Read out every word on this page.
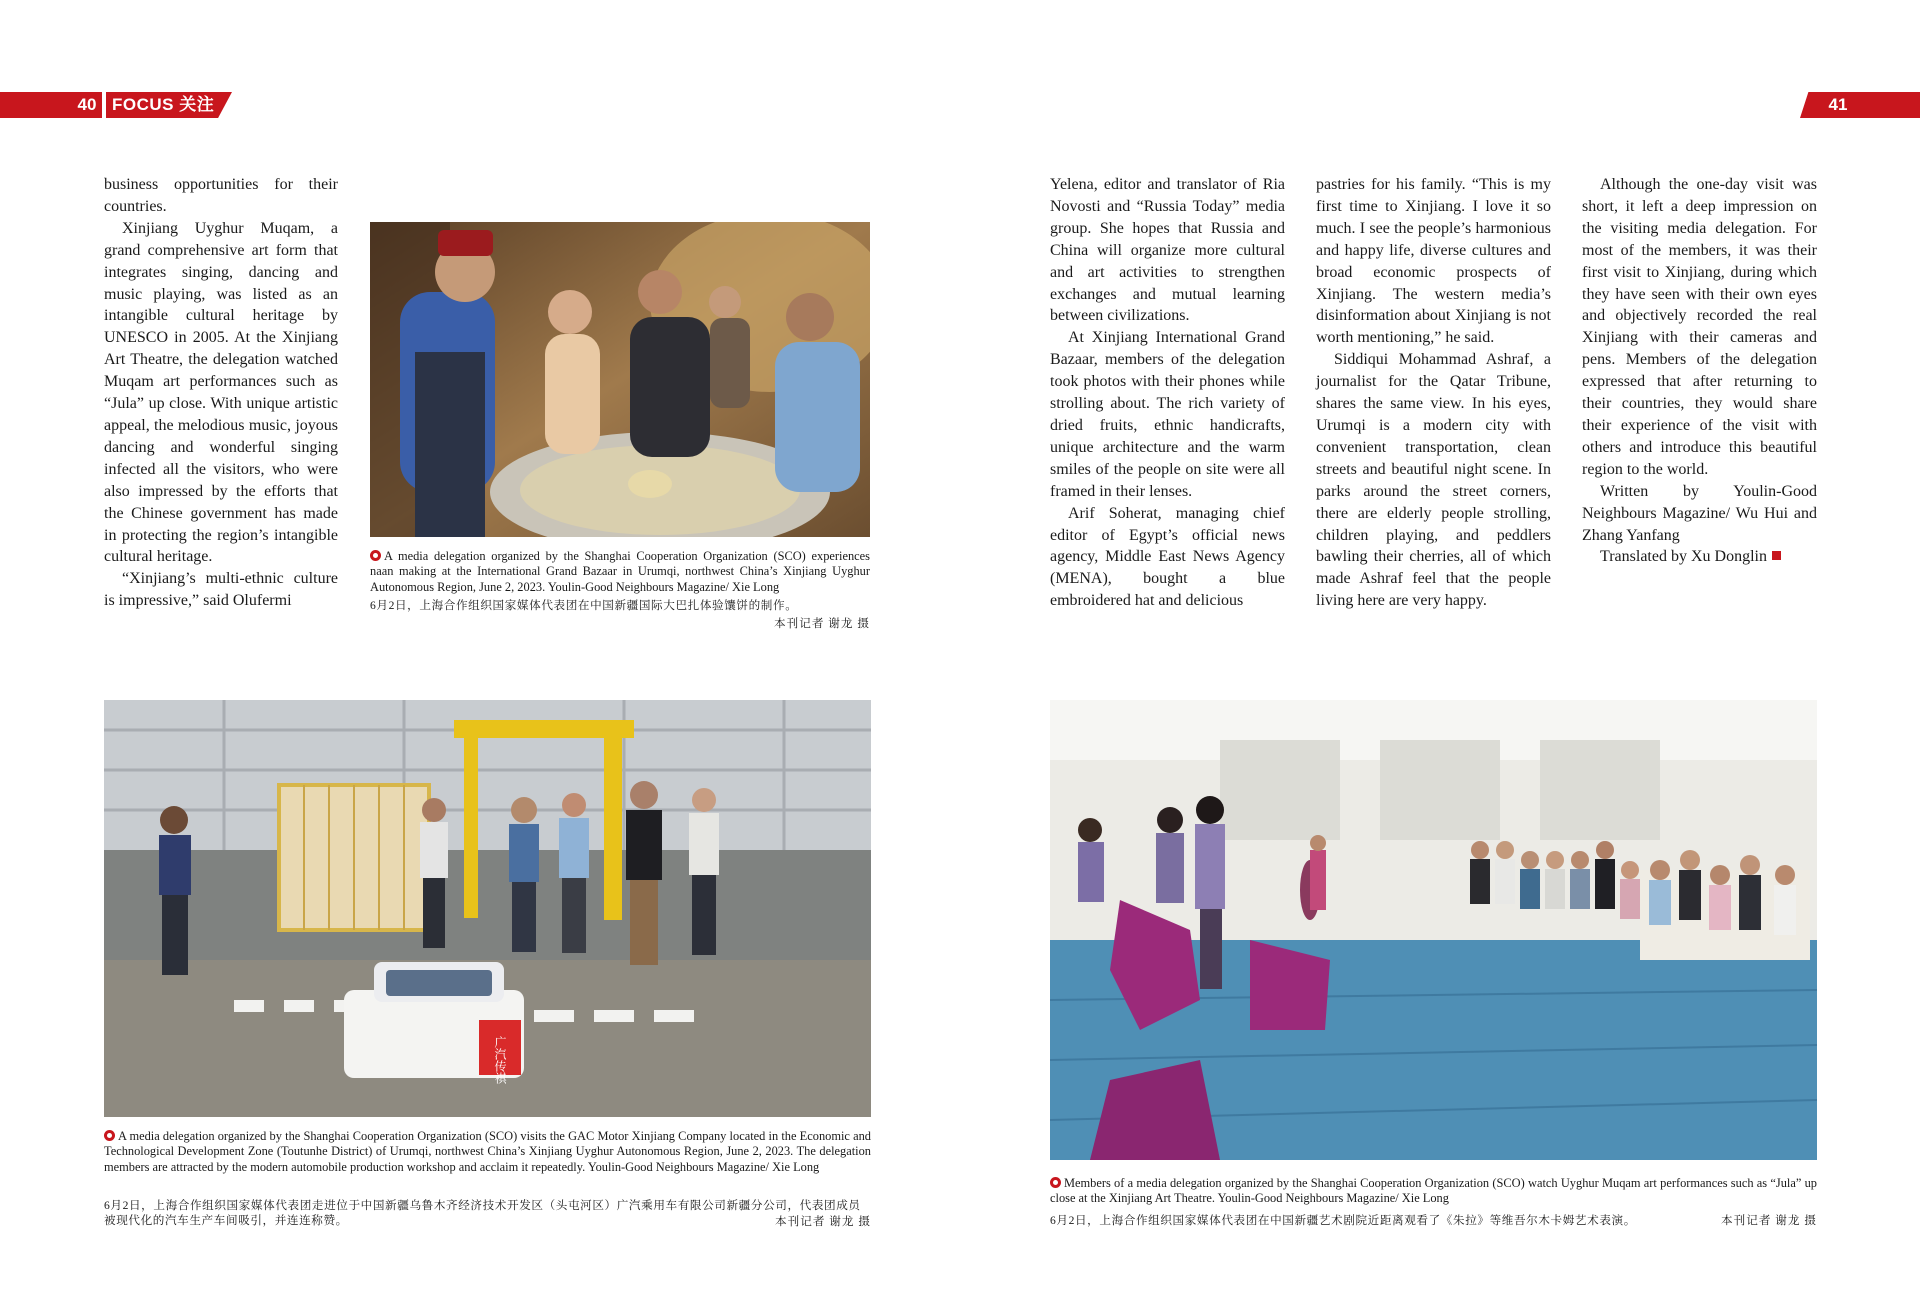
40 FOCUS 关注	41

business opportunities for their countries.

Xinjiang Uyghur Muqam, a grand comprehensive art form that integrates singing, dancing and music playing, was listed as an intangible cultural heritage by UNESCO in 2005. At the Xinjiang Art Theatre, the delegation watched Muqam art performances such as “Jula” up close. With unique artistic appeal, the melodious music, joyous dancing and wonderful singing infected all the visitors, who were also impressed by the efforts that the Chinese government has made in protecting the region’s intangible cultural heritage.

“Xinjiang’s multi-ethnic culture is impressive,” said Olufermi

A media delegation organized by the Shanghai Cooperation Organization (SCO) experiences naan making at the International Grand Bazaar in Urumqi, northwest China’s Xinjiang Uyghur Autonomous Region, June 2, 2023. Youlin-Good Neighbours Magazine/ Xie Long
6月2日，上海合作组织国家媒体代表团在中国新疆国际大巴扎体验馕饼的制作。
本刊记者 谢龙 摄

Yelena, editor and translator of Ria Novosti and “Russia Today” media group. She hopes that Russia and China will organize more cultural and art activities to strengthen exchanges and mutual learning between civilizations.

At Xinjiang International Grand Bazaar, members of the delegation took photos with their phones while strolling about. The rich variety of dried fruits, ethnic handicrafts, unique architecture and the warm smiles of the people on site were all framed in their lenses.

Arif Soherat, managing chief editor of Egypt’s official news agency, Middle East News Agency (MENA), bought a blue embroidered hat and delicious

pastries for his family. “This is my first time to Xinjiang. I love it so much. I see the people’s harmonious and happy life, diverse cultures and broad economic prospects of Xinjiang. The western media’s disinformation about Xinjiang is not worth mentioning,” he said.

Siddiqui Mohammad Ashraf, a journalist for the Qatar Tribune, shares the same view. In his eyes, Urumqi is a modern city with convenient transportation, clean streets and beautiful night scene. In parks around the street corners, there are elderly people strolling, children playing, and peddlers bawling their cherries, all of which made Ashraf feel that the people living here are very happy.

Although the one-day visit was short, it left a deep impression on the visiting media delegation. For most of the members, it was their first visit to Xinjiang, during which they have seen with their own eyes and objectively recorded the real Xinjiang with their cameras and pens. Members of the delegation expressed that after returning to their countries, they would share their experience of the visit with others and introduce this beautiful region to the world.

Written by Youlin-Good Neighbours Magazine/ Wu Hui and Zhang Yanfang

Translated by Xu Donglin

广汽传祺
A media delegation organized by the Shanghai Cooperation Organization (SCO) visits the GAC Motor Xinjiang Company located in the Economic and Technological Development Zone (Toutunhe District) of Urumqi, northwest China’s Xinjiang Uyghur Autonomous Region, June 2, 2023. The delegation members are attracted by the modern automobile production workshop and acclaim it repeatedly. Youlin-Good Neighbours Magazine/ Xie Long
6月2日，上海合作组织国家媒体代表团走进位于中国新疆乌鲁木齐经济技术开发区（头屯河区）广汽乘用车有限公司新疆分公司，代表团成员被现代化的汽车生产车间吸引，并连连称赞。	本刊记者 谢龙 摄
Members of a media delegation organized by the Shanghai Cooperation Organization (SCO) watch Uyghur Muqam art performances such as “Jula” up close at the Xinjiang Art Theatre. Youlin-Good Neighbours Magazine/ Xie Long
6月2日，上海合作组织国家媒体代表团在中国新疆艺术剧院近距离观看了《朱拉》等维吾尔木卡姆艺术表演。	本刊记者 谢龙 摄
